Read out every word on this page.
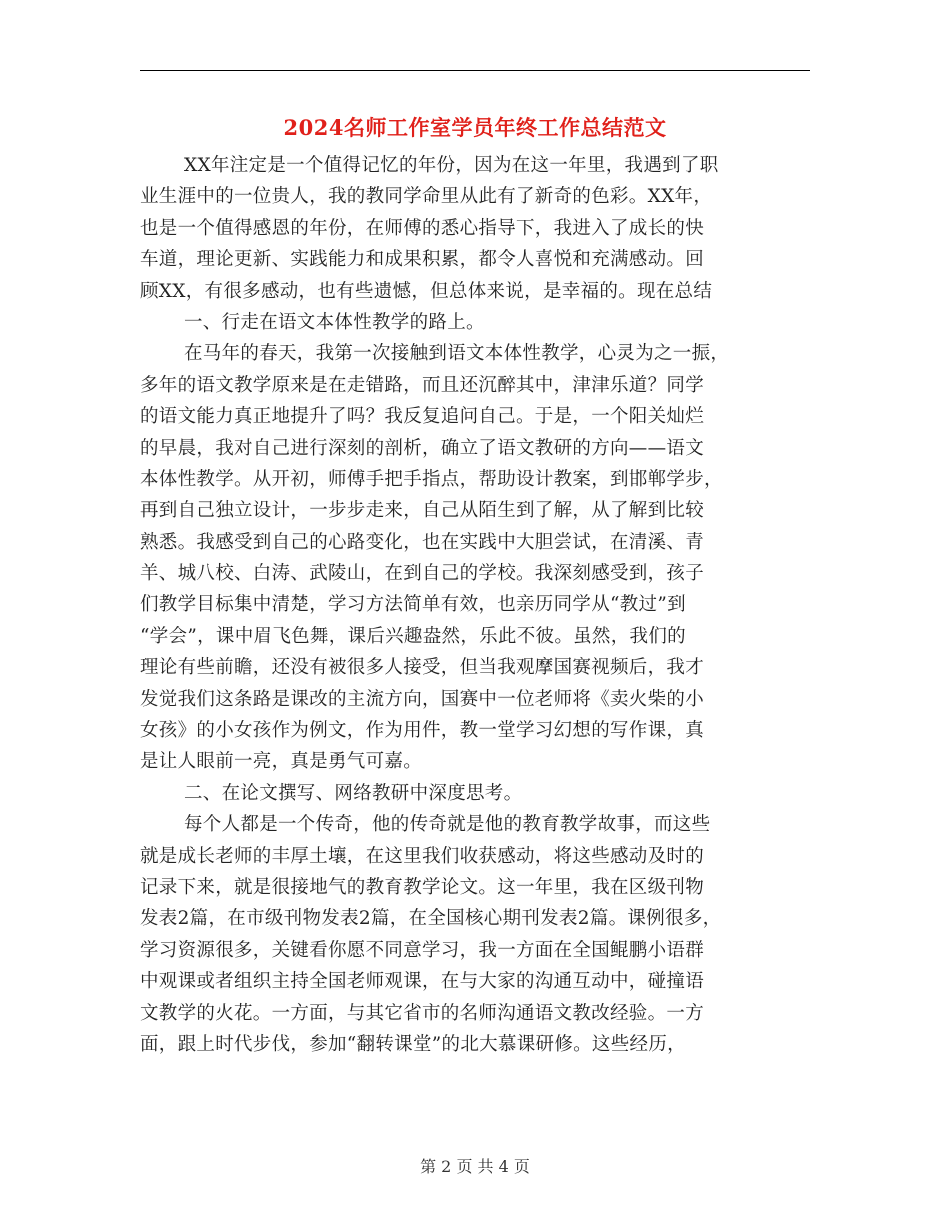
2024名师工作室学员年终工作总结范文
XX年注定是一个值得记忆的年份，因为在这一年里，我遇到了职
业生涯中的一位贵人，我的教同学命里从此有了新奇的色彩。XX年，
也是一个值得感恩的年份，在师傅的悉心指导下，我进入了成长的快
车道，理论更新、实践能力和成果积累，都令人喜悦和充满感动。回
顾XX，有很多感动，也有些遗憾，但总体来说，是幸福的。现在总结
一、行走在语文本体性教学的路上。
在马年的春天，我第一次接触到语文本体性教学，心灵为之一振，
多年的语文教学原来是在走错路，而且还沉醉其中，津津乐道？同学
的语文能力真正地提升了吗？我反复追问自己。于是，一个阳关灿烂
的早晨，我对自己进行深刻的剖析，确立了语文教研的方向——语文
本体性教学。从开初，师傅手把手指点，帮助设计教案，到邯郸学步，
再到自己独立设计，一步步走来，自己从陌生到了解，从了解到比较
熟悉。我感受到自己的心路变化，也在实践中大胆尝试，在清溪、青
羊、城八校、白涛、武陵山，在到自己的学校。我深刻感受到，孩子
们教学目标集中清楚，学习方法简单有效，也亲历同学从“教过”到
“学会”，课中眉飞色舞，课后兴趣盎然，乐此不彼。虽然，我们的
理论有些前瞻，还没有被很多人接受，但当我观摩国赛视频后，我才
发觉我们这条路是课改的主流方向，国赛中一位老师将《卖火柴的小
女孩》的小女孩作为例文，作为用件，教一堂学习幻想的写作课，真
是让人眼前一亮，真是勇气可嘉。
二、在论文撰写、网络教研中深度思考。
每个人都是一个传奇，他的传奇就是他的教育教学故事，而这些
就是成长老师的丰厚土壤，在这里我们收获感动，将这些感动及时的
记录下来，就是很接地气的教育教学论文。这一年里，我在区级刊物
发表2篇，在市级刊物发表2篇，在全国核心期刊发表2篇。课例很多，
学习资源很多，关键看你愿不同意学习，我一方面在全国鲲鹏小语群
中观课或者组织主持全国老师观课，在与大家的沟通互动中，碰撞语
文教学的火花。一方面，与其它省市的名师沟通语文教改经验。一方
面，跟上时代步伐，参加“翻转课堂”的北大慕课研修。这些经历，
第 2 页 共 4 页
